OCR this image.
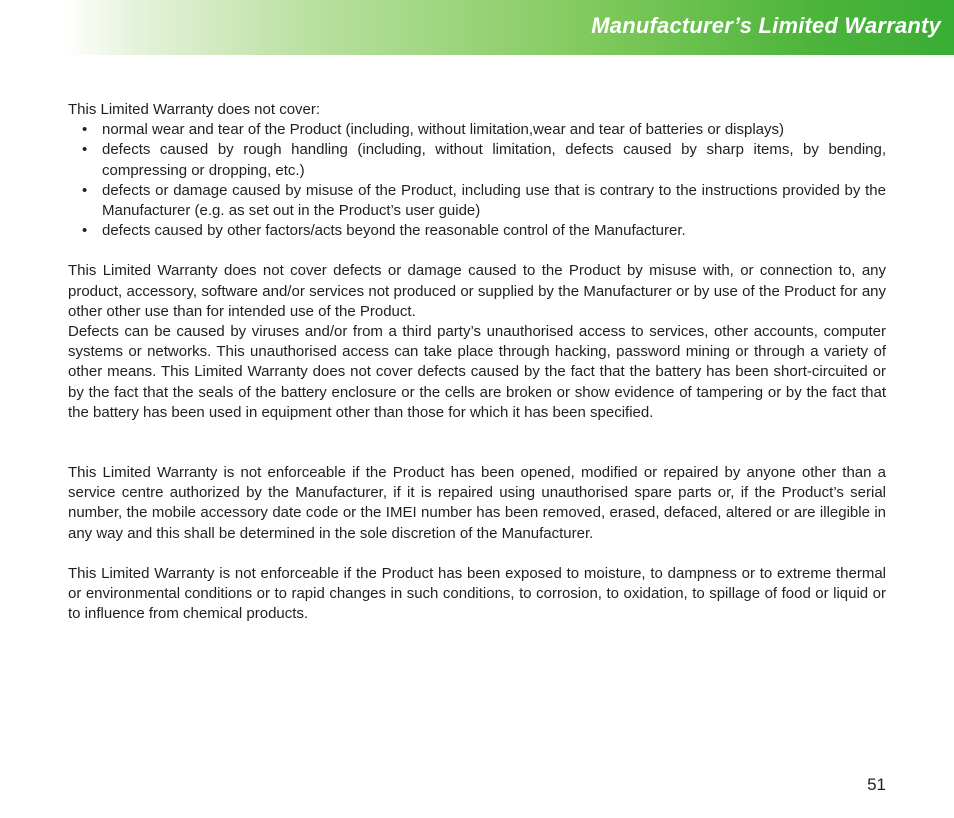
Manufacturer’s Limited Warranty

This Limited Warranty does not cover:

• normal wear and tear of the Product (including, without limitation,wear and tear of batteries or displays)
• defects caused by rough handling (including, without limitation, defects caused by sharp items, by bending, compressing or dropping, etc.)
• defects or damage caused by misuse of the Product, including use that is contrary to the instructions provided by the Manufacturer (e.g. as set out in the Product’s user guide)
• defects caused by other factors/acts beyond the reasonable control of the Manufacturer.

This Limited Warranty does not cover defects or damage caused to the Product by misuse with, or connection to, any product, accessory, software and/or services not produced or supplied by the Manufacturer or by use of the Product for any other other use than for intended use of the Product.

Defects can be caused by viruses and/or from a third party’s unauthorised access to services, other accounts, computer systems or networks. This unauthorised access can take place through hacking, password mining or through a variety of other means. This Limited Warranty does not cover defects caused by the fact that the battery has been short-circuited or by the fact that the seals of the battery enclosure or the cells are broken or show evidence of tampering or by the fact that the battery has been used in equipment other than those for which it has been specified.

This Limited Warranty is not enforceable if the Product has been opened, modified or repaired by anyone other than a service centre authorized by the Manufacturer, if it is repaired using unauthorised spare parts or, if the Product’s serial number, the mobile accessory date code or the IMEI number has been removed, erased, defaced, altered or are illegible in any way and this shall be determined in the sole discretion of the Manufacturer.

This Limited Warranty is not enforceable if the Product has been exposed to moisture, to dampness or to extreme thermal or environmental conditions or to rapid changes in such conditions, to corrosion, to oxidation, to spillage of food or liquid or to influence from chemical products.

51
